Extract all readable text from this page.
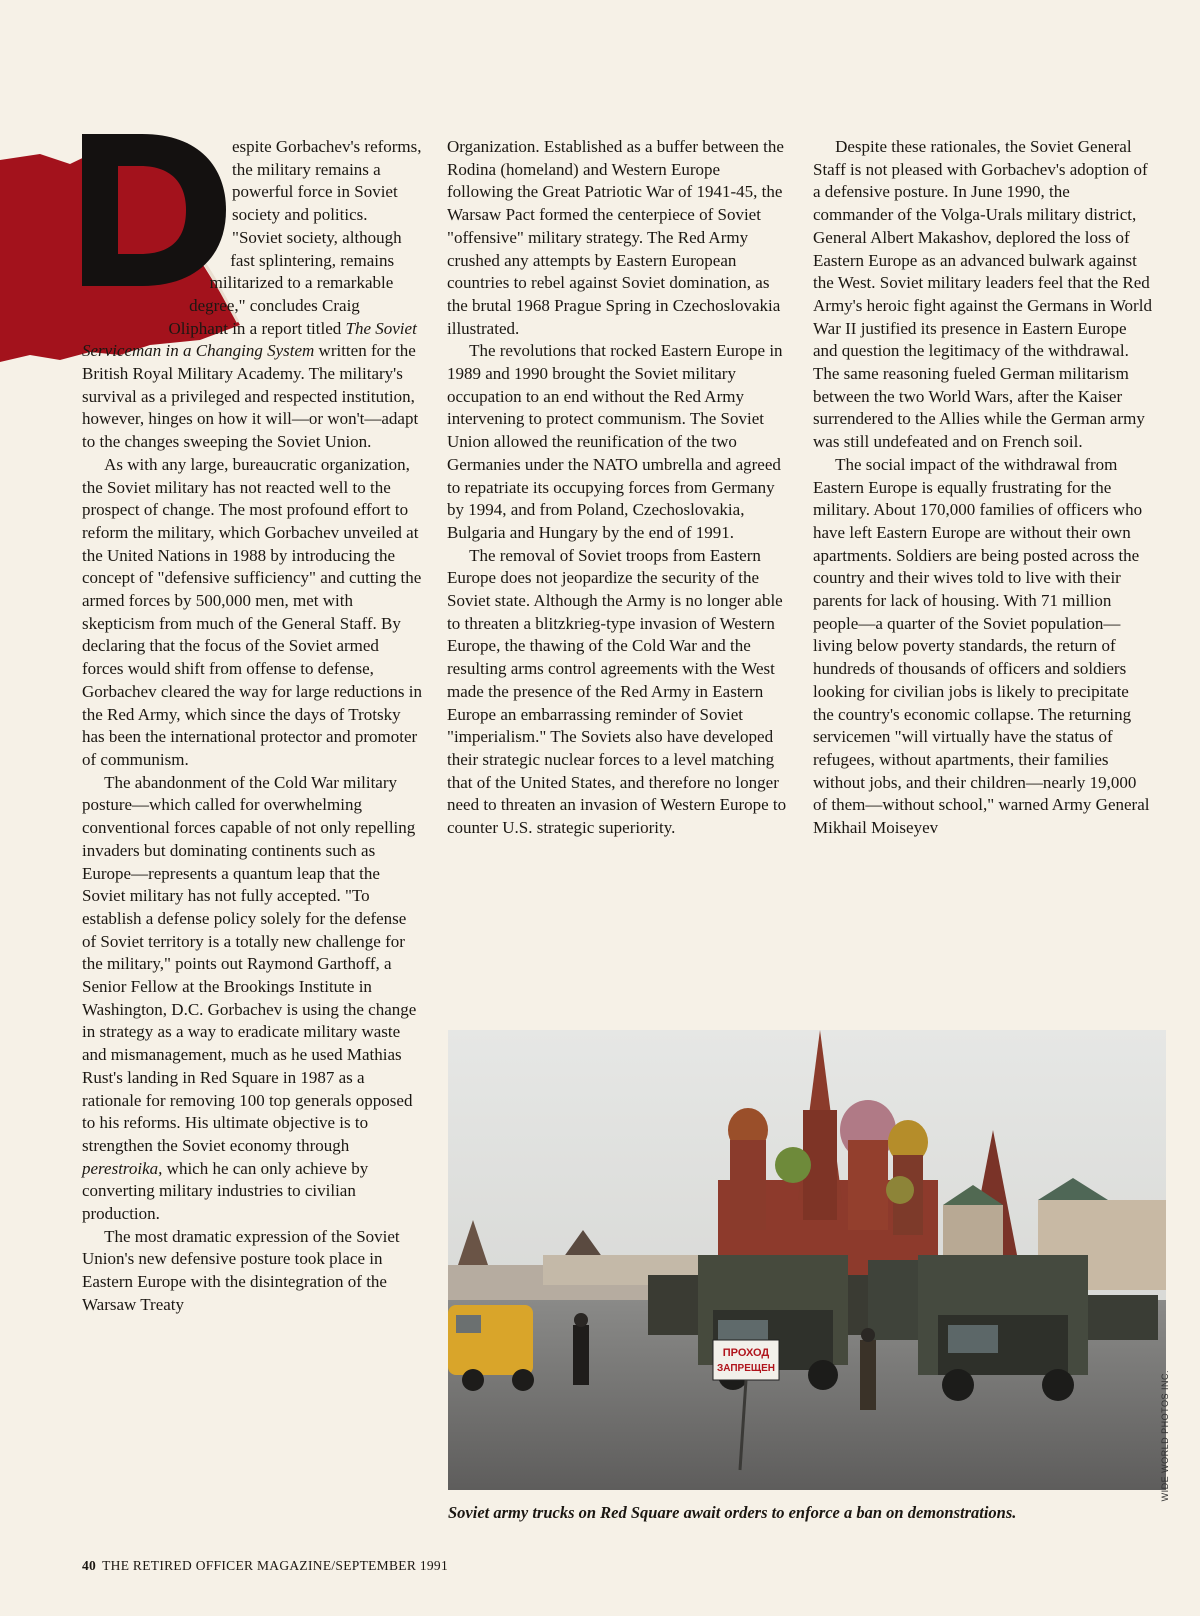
espite Gorbachev's reforms, the military remains a powerful force in Soviet society and politics. "Soviet society, although fast splintering, remains militarized to a remarkable degree," concludes Craig Oliphant in a report titled The Soviet Serviceman in a Changing System written for the British Royal Military Academy. The military's survival as a privileged and respected institution, however, hinges on how it will—or won't—adapt to the changes sweeping the Soviet Union.

As with any large, bureaucratic organization, the Soviet military has not reacted well to the prospect of change. The most profound effort to reform the military, which Gorbachev unveiled at the United Nations in 1988 by introducing the concept of "defensive sufficiency" and cutting the armed forces by 500,000 men, met with skepticism from much of the General Staff. By declaring that the focus of the Soviet armed forces would shift from offense to defense, Gorbachev cleared the way for large reductions in the Red Army, which since the days of Trotsky has been the international protector and promoter of communism.

The abandonment of the Cold War military posture—which called for overwhelming conventional forces capable of not only repelling invaders but dominating continents such as Europe—represents a quantum leap that the Soviet military has not fully accepted. "To establish a defense policy solely for the defense of Soviet territory is a totally new challenge for the military," points out Raymond Garthoff, a Senior Fellow at the Brookings Institute in Washington, D.C. Gorbachev is using the change in strategy as a way to eradicate military waste and mismanagement, much as he used Mathias Rust's landing in Red Square in 1987 as a rationale for removing 100 top generals opposed to his reforms. His ultimate objective is to strengthen the Soviet economy through perestroika, which he can only achieve by converting military industries to civilian production.

The most dramatic expression of the Soviet Union's new defensive posture took place in Eastern Europe with the disintegration of the Warsaw Treaty

Organization. Established as a buffer between the Rodina (homeland) and Western Europe following the Great Patriotic War of 1941-45, the Warsaw Pact formed the centerpiece of Soviet "offensive" military strategy. The Red Army crushed any attempts by Eastern European countries to rebel against Soviet domination, as the brutal 1968 Prague Spring in Czechoslovakia illustrated.

The revolutions that rocked Eastern Europe in 1989 and 1990 brought the Soviet military occupation to an end without the Red Army intervening to protect communism. The Soviet Union allowed the reunification of the two Germanies under the NATO umbrella and agreed to repatriate its occupying forces from Germany by 1994, and from Poland, Czechoslovakia, Bulgaria and Hungary by the end of 1991.

The removal of Soviet troops from Eastern Europe does not jeopardize the security of the Soviet state. Although the Army is no longer able to threaten a blitzkrieg-type invasion of Western Europe, the thawing of the Cold War and the resulting arms control agreements with the West made the presence of the Red Army in Eastern Europe an embarrassing reminder of Soviet "imperialism." The Soviets also have developed their strategic nuclear forces to a level matching that of the United States, and therefore no longer need to threaten an invasion of Western Europe to counter U.S. strategic superiority.

Despite these rationales, the Soviet General Staff is not pleased with Gorbachev's adoption of a defensive posture. In June 1990, the commander of the Volga-Urals military district, General Albert Makashov, deplored the loss of Eastern Europe as an advanced bulwark against the West. Soviet military leaders feel that the Red Army's heroic fight against the Germans in World War II justified its presence in Eastern Europe and question the legitimacy of the withdrawal. The same reasoning fueled German militarism between the two World Wars, after the Kaiser surrendered to the Allies while the German army was still undefeated and on French soil.

The social impact of the withdrawal from Eastern Europe is equally frustrating for the military. About 170,000 families of officers who have left Eastern Europe are without their own apartments. Soldiers are being posted across the country and their wives told to live with their parents for lack of housing. With 71 million people—a quarter of the Soviet population—living below poverty standards, the return of hundreds of thousands of officers and soldiers looking for civilian jobs is likely to precipitate the country's economic collapse. The returning servicemen "will virtually have the status of refugees, without apartments, their families without jobs, and their children—nearly 19,000 of them—without school," warned Army General Mikhail Moiseyev

ПРОХОД
ЗАПРЕЩЕН
WIDE WORLD PHOTOS INC.
Soviet army trucks on Red Square await orders to enforce a ban on demonstrations.
40 THE RETIRED OFFICER MAGAZINE/SEPTEMBER 1991
